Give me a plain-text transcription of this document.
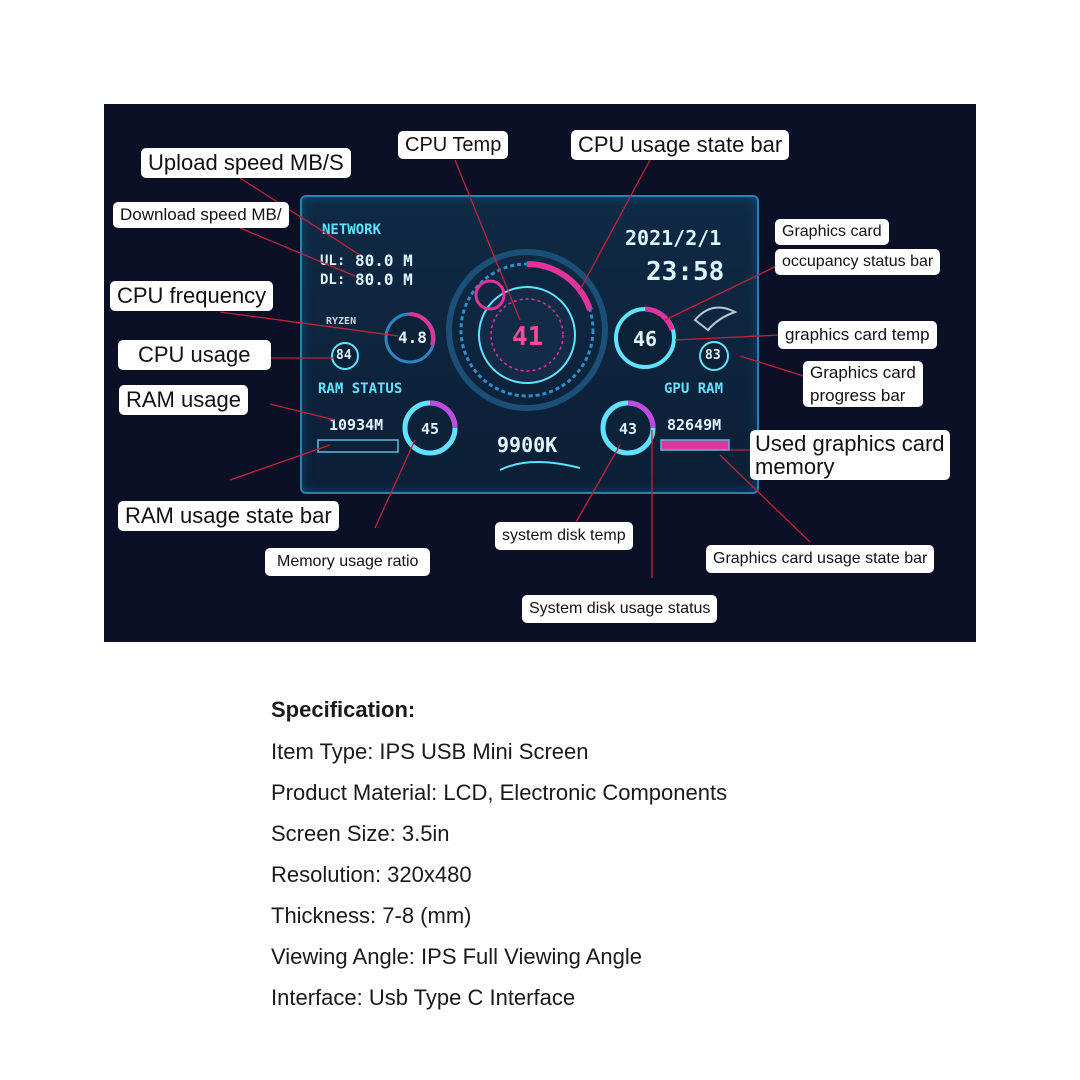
NETWORK
UL: 80.0 M
DL: 80.0 M
2021/2/1
23:58
RYZEN
4.8
84
41	46
83
RAM STATUS	GPU RAM
10934M	45	43 82649M
9900K
CPU Temp	CPU usage state bar
Upload speed MB/S
Download speed MB/
Graphics card
occupancy status bar
CPU frequency
graphics card temp
CPU usage
Graphics card
progress bar
RAM usage
Used graphics card
memory
RAM usage state bar
system disk temp
Memory usage ratio	Graphics card usage state bar
System disk usage status
Specification:
Item Type: IPS USB Mini Screen
Product Material: LCD, Electronic Components
Screen Size: 3.5in
Resolution: 320x480
Thickness: 7-8 (mm)
Viewing Angle: IPS Full Viewing Angle
Interface: Usb Type C Interface
